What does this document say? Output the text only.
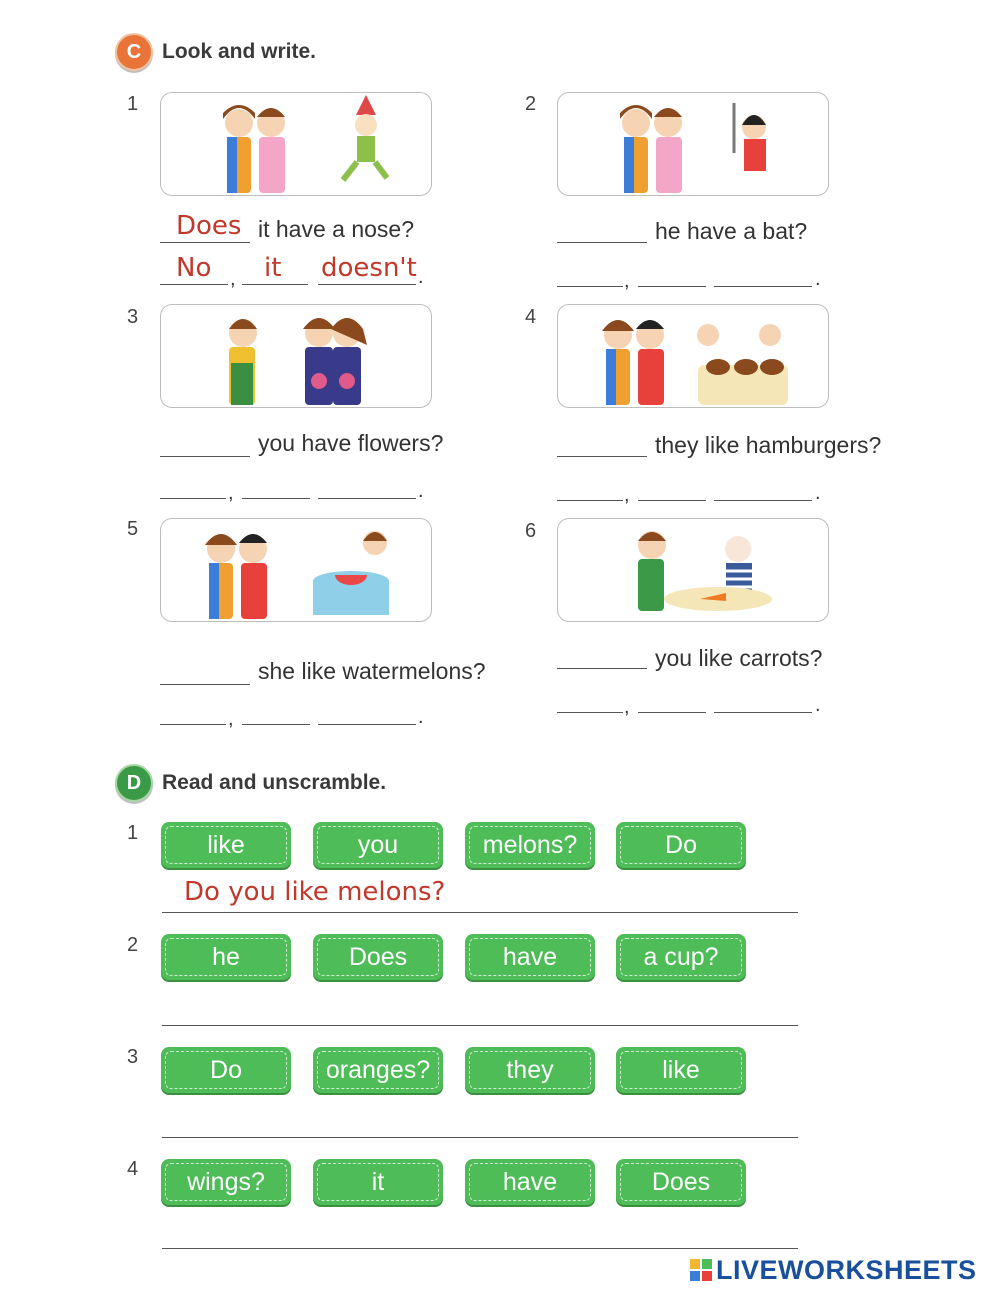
C Look and write.
1
Does it have a nose?
No , it doesn't .
2
he have a bat?
,	.
3
you have flowers?
,	.
4
they like hamburgers?
,	.
5
she like watermelons?
,	.
6
you like carrots?
,	.
D Read and unscramble.
1	like	you	melons?	Do
Do you like melons?
2	he	Does	have	a cup?
3	Do	oranges?	they	like
4	wings?	it	have	Does
LIVEWORKSHEETS
